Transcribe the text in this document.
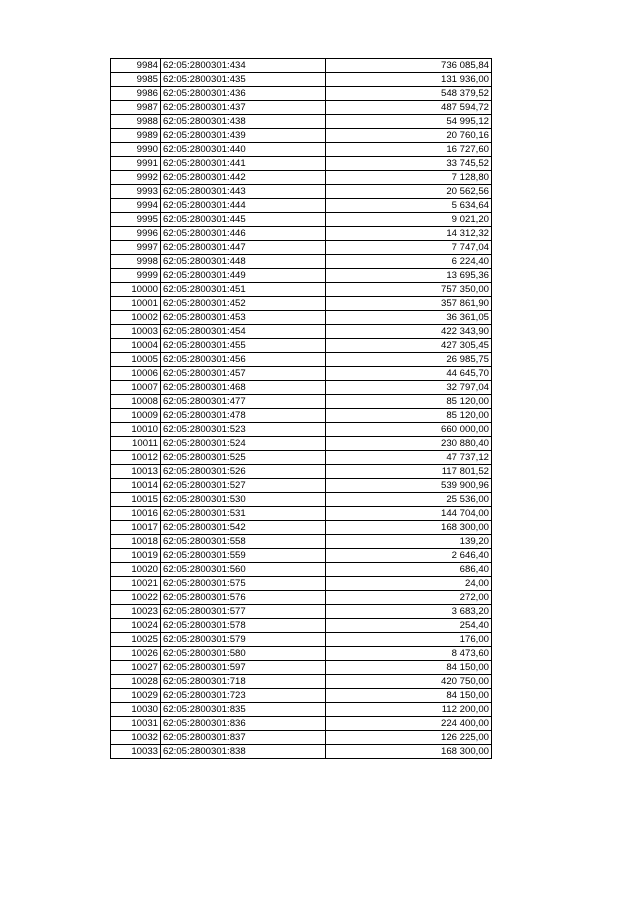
9984	62:05:2800301:434	736 085,84
9985	62:05:2800301:435	131 936,00
9986	62:05:2800301:436	548 379,52
9987	62:05:2800301:437	487 594,72
9988	62:05:2800301:438	54 995,12
9989	62:05:2800301:439	20 760,16
9990	62:05:2800301:440	16 727,60
9991	62:05:2800301:441	33 745,52
9992	62:05:2800301:442	7 128,80
9993	62:05:2800301:443	20 562,56
9994	62:05:2800301:444	5 634,64
9995	62:05:2800301:445	9 021,20
9996	62:05:2800301:446	14 312,32
9997	62:05:2800301:447	7 747,04
9998	62:05:2800301:448	6 224,40
9999	62:05:2800301:449	13 695,36
10000	62:05:2800301:451	757 350,00
10001	62:05:2800301:452	357 861,90
10002	62:05:2800301:453	36 361,05
10003	62:05:2800301:454	422 343,90
10004	62:05:2800301:455	427 305,45
10005	62:05:2800301:456	26 985,75
10006	62:05:2800301:457	44 645,70
10007	62:05:2800301:468	32 797,04
10008	62:05:2800301:477	85 120,00
10009	62:05:2800301:478	85 120,00
10010	62:05:2800301:523	660 000,00
10011	62:05:2800301:524	230 880,40
10012	62:05:2800301:525	47 737,12
10013	62:05:2800301:526	117 801,52
10014	62:05:2800301:527	539 900,96
10015	62:05:2800301:530	25 536,00
10016	62:05:2800301:531	144 704,00
10017	62:05:2800301:542	168 300,00
10018	62:05:2800301:558	139,20
10019	62:05:2800301:559	2 646,40
10020	62:05:2800301:560	686,40
10021	62:05:2800301:575	24,00
10022	62:05:2800301:576	272,00
10023	62:05:2800301:577	3 683,20
10024	62:05:2800301:578	254,40
10025	62:05:2800301:579	176,00
10026	62:05:2800301:580	8 473,60
10027	62:05:2800301:597	84 150,00
10028	62:05:2800301:718	420 750,00
10029	62:05:2800301:723	84 150,00
10030	62:05:2800301:835	112 200,00
10031	62:05:2800301:836	224 400,00
10032	62:05:2800301:837	126 225,00
10033	62:05:2800301:838	168 300,00
